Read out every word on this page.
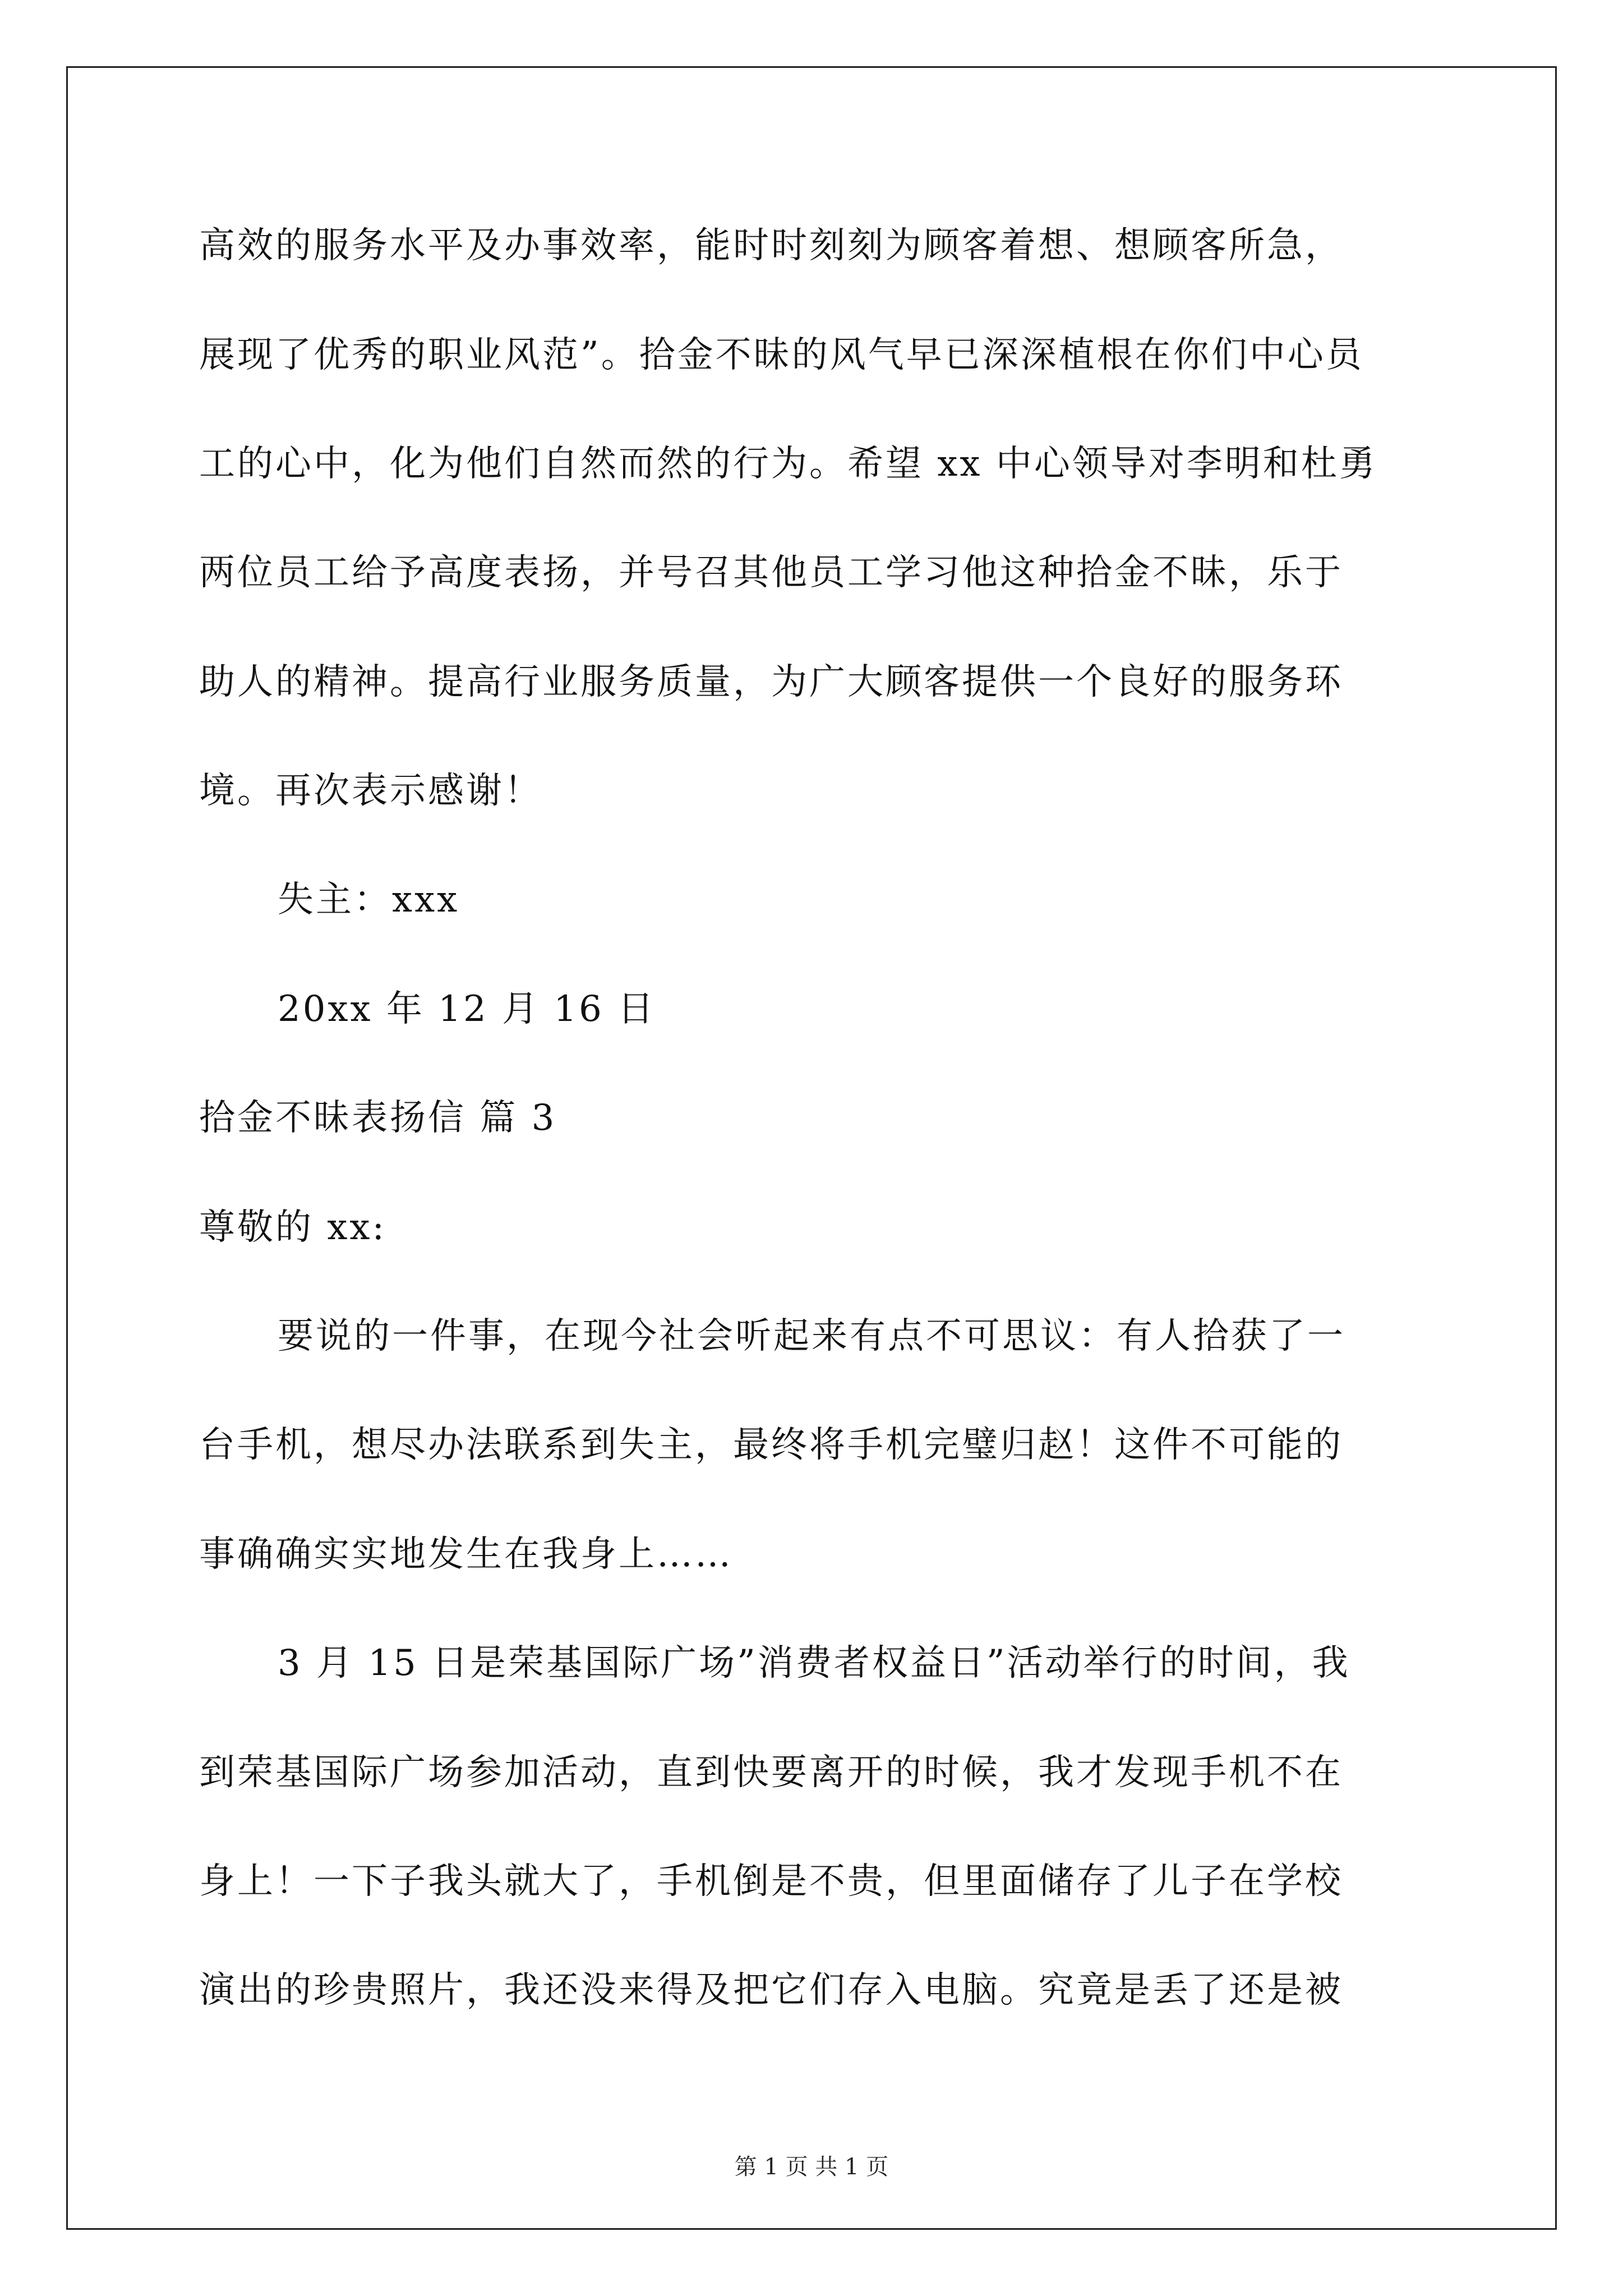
高效的服务水平及办事效率，能时时刻刻为顾客着想、想顾客所急，
展现了优秀的职业风范”。拾金不昧的风气早已深深植根在你们中心员
工的心中，化为他们自然而然的行为。希望 xx 中心领导对李明和杜勇
两位员工给予高度表扬，并号召其他员工学习他这种拾金不昧，乐于
助人的精神。提高行业服务质量，为广大顾客提供一个良好的服务环
境。再次表示感谢！
失主：xxx
20xx 年 12 月 16 日
拾金不昧表扬信 篇 3
尊敬的 xx:
要说的一件事，在现今社会听起来有点不可思议：有人拾获了一
台手机，想尽办法联系到失主，最终将手机完璧归赵！这件不可能的
事确确实实地发生在我身上……
3 月 15 日是荣基国际广场”消费者权益日”活动举行的时间，我
到荣基国际广场参加活动，直到快要离开的时候，我才发现手机不在
身上！一下子我头就大了，手机倒是不贵，但里面储存了儿子在学校
演出的珍贵照片，我还没来得及把它们存入电脑。究竟是丢了还是被
第 1 页 共 1 页
